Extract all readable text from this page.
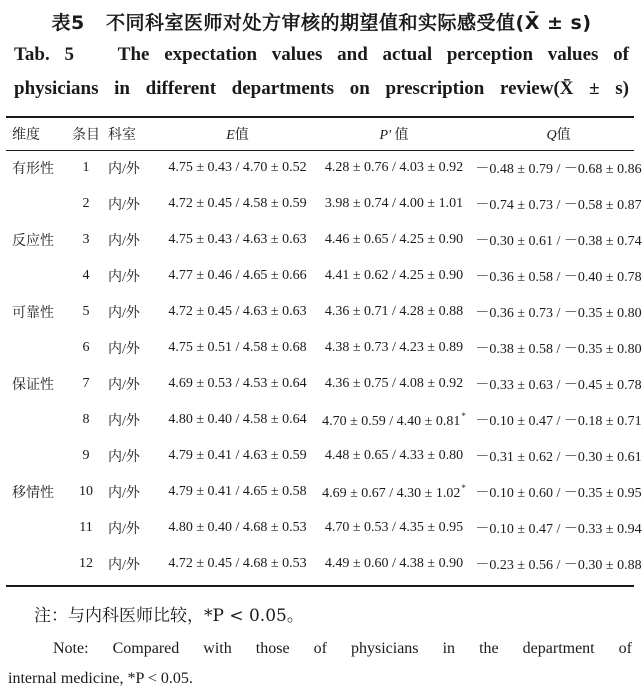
表5 不同科室医师对处方审核的期望值和实际感受值(X̄ ± s)
Tab. 5 The expectation values and actual perception values of
physicians in different departments on prescription review(X̄ ± s)
维度	条目	科室	E值	P' 值	Q值
有形性	1	内/外	4.75 ± 0.43 / 4.70 ± 0.52	4.28 ± 0.76 / 4.03 ± 0.92	－0.48 ± 0.79 / －0.68 ± 0.86
	2	内/外	4.72 ± 0.45 / 4.58 ± 0.59	3.98 ± 0.74 / 4.00 ± 1.01	－0.74 ± 0.73 / －0.58 ± 0.87
反应性	3	内/外	4.75 ± 0.43 / 4.63 ± 0.63	4.46 ± 0.65 / 4.25 ± 0.90	－0.30 ± 0.61 / －0.38 ± 0.74
	4	内/外	4.77 ± 0.46 / 4.65 ± 0.66	4.41 ± 0.62 / 4.25 ± 0.90	－0.36 ± 0.58 / －0.40 ± 0.78
可靠性	5	内/外	4.72 ± 0.45 / 4.63 ± 0.63	4.36 ± 0.71 / 4.28 ± 0.88	－0.36 ± 0.73 / －0.35 ± 0.80
	6	内/外	4.75 ± 0.51 / 4.58 ± 0.68	4.38 ± 0.73 / 4.23 ± 0.89	－0.38 ± 0.58 / －0.35 ± 0.80
保证性	7	内/外	4.69 ± 0.53 / 4.53 ± 0.64	4.36 ± 0.75 / 4.08 ± 0.92	－0.33 ± 0.63 / －0.45 ± 0.78
	8	内/外	4.80 ± 0.40 / 4.58 ± 0.64	4.70 ± 0.59 / 4.40 ± 0.81*	－0.10 ± 0.47 / －0.18 ± 0.71
	9	内/外	4.79 ± 0.41 / 4.63 ± 0.59	4.48 ± 0.65 / 4.33 ± 0.80	－0.31 ± 0.62 / －0.30 ± 0.61
移情性	10	内/外	4.79 ± 0.41 / 4.65 ± 0.58	4.69 ± 0.67 / 4.30 ± 1.02*	－0.10 ± 0.60 / －0.35 ± 0.95
	11	内/外	4.80 ± 0.40 / 4.68 ± 0.53	4.70 ± 0.53 / 4.35 ± 0.95	－0.10 ± 0.47 / －0.33 ± 0.94
	12	内/外	4.72 ± 0.45 / 4.68 ± 0.53	4.49 ± 0.60 / 4.38 ± 0.90	－0.23 ± 0.56 / －0.30 ± 0.88
注：与内科医师比较，*P < 0.05。
Note: Compared with those of physicians in the department of
internal medicine, *P < 0.05.
